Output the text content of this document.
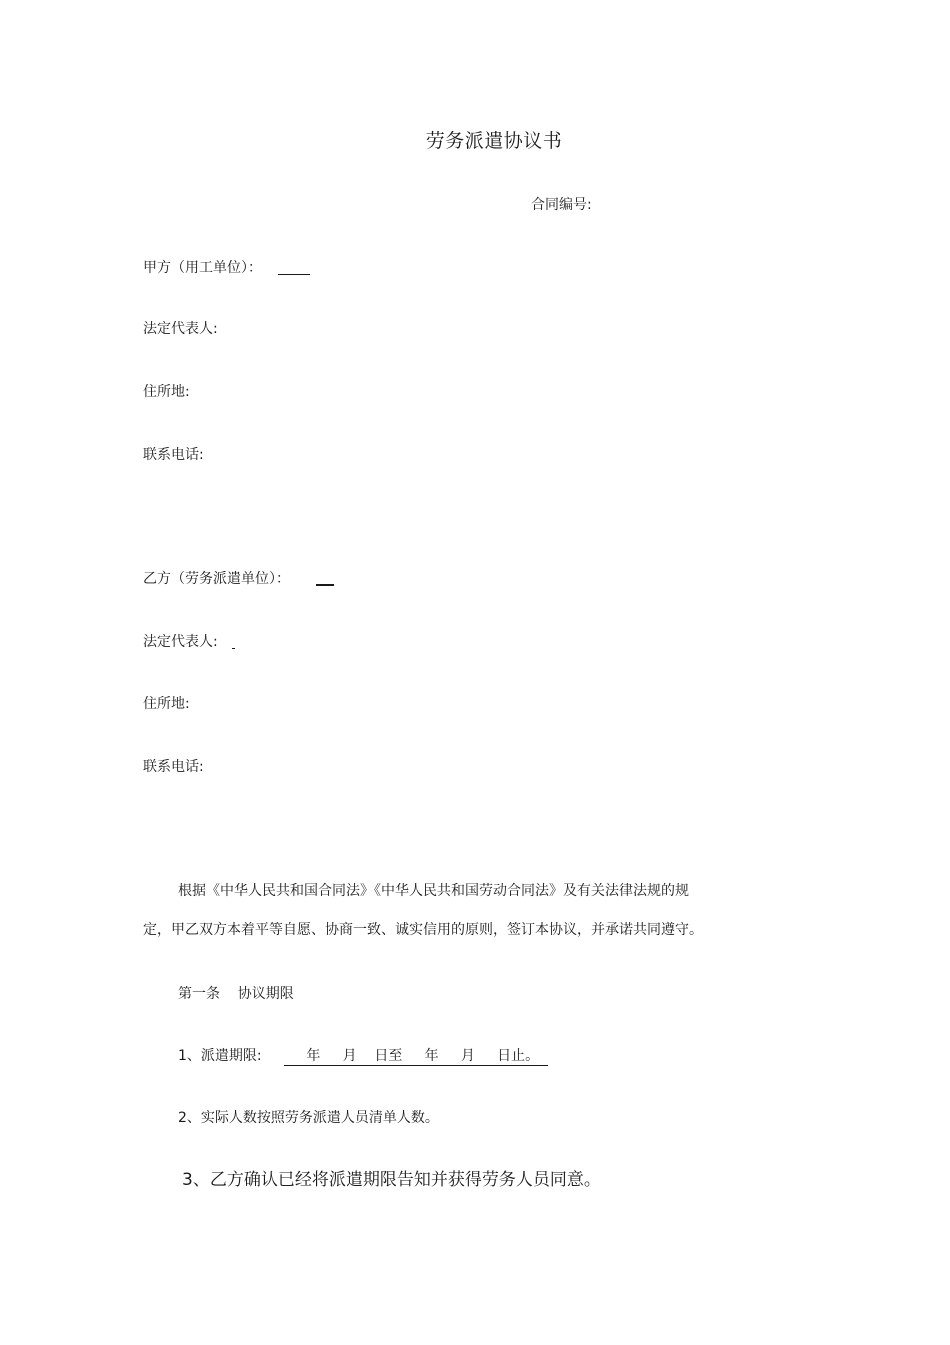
劳务派遣协议书
合同编号:
甲方（用工单位）：
法定代表人:
住所地:
联系电话:
乙方（劳务派遣单位）：
法定代表人:
住所地:
联系电话:
根据《中华人民共和国合同法》《中华人民共和国劳动合同法》及有关法律法规的规
定，甲乙双方本着平等自愿、协商一致、诚实信用的原则，签订本协议，并承诺共同遵守。
第一条    协议期限
1、派遣期限:      年     月    日至     年     月     日止。
2、实际人数按照劳务派遣人员清单人数。
3、乙方确认已经将派遣期限告知并获得劳务人员同意。
